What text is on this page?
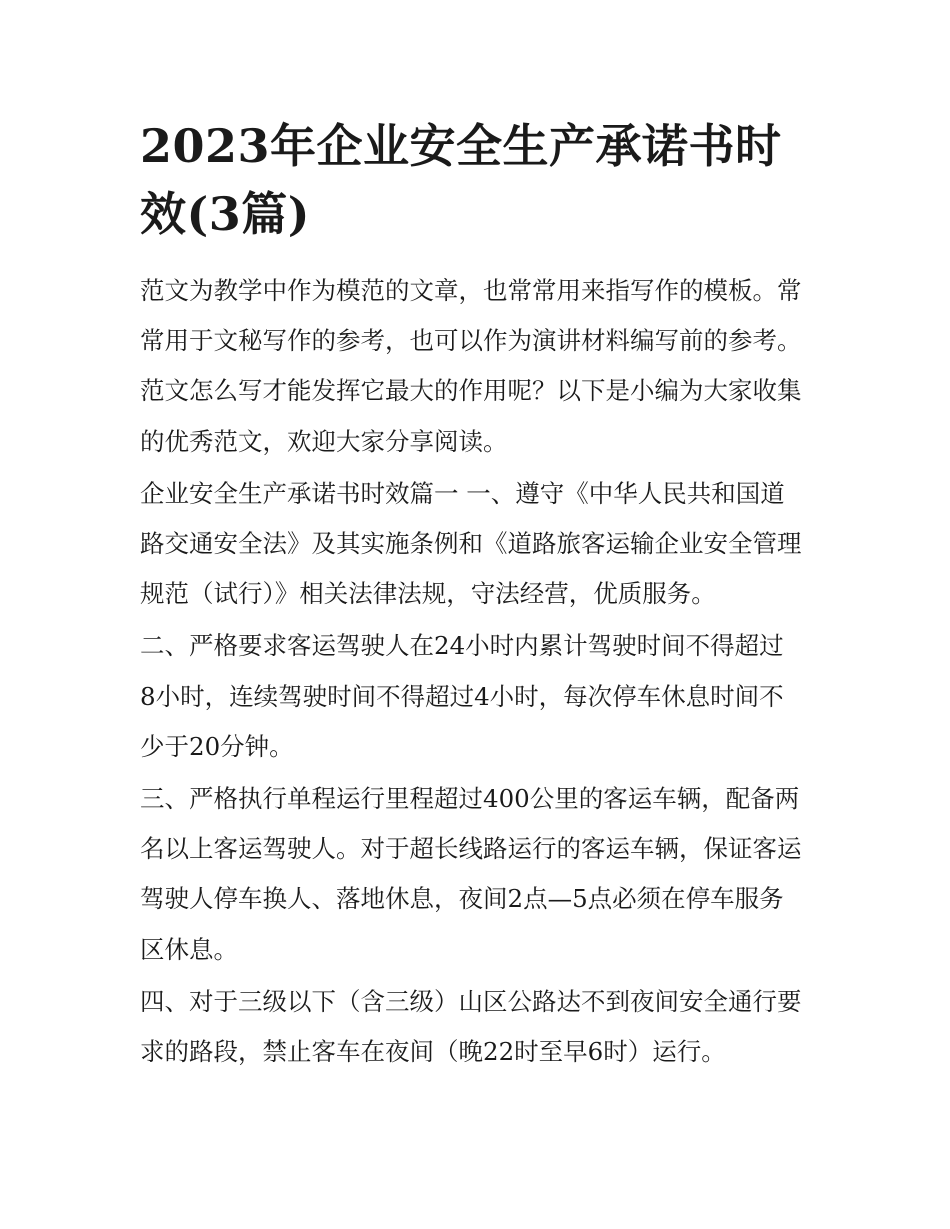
2023年企业安全生产承诺书时
效(3篇)

范文为教学中作为模范的文章，也常常用来指写作的模板。常
常用于文秘写作的参考，也可以作为演讲材料编写前的参考。
范文怎么写才能发挥它最大的作用呢？以下是小编为大家收集
的优秀范文，欢迎大家分享阅读。

企业安全生产承诺书时效篇一 一、遵守《中华人民共和国道
路交通安全法》及其实施条例和《道路旅客运输企业安全管理
规范（试行）》相关法律法规，守法经营，优质服务。

二、严格要求客运驾驶人在24小时内累计驾驶时间不得超过
8小时，连续驾驶时间不得超过4小时，每次停车休息时间不
少于20分钟。

三、严格执行单程运行里程超过400公里的客运车辆，配备两
名以上客运驾驶人。对于超长线路运行的客运车辆，保证客运
驾驶人停车换人、落地休息，夜间2点—5点必须在停车服务
区休息。

四、对于三级以下（含三级）山区公路达不到夜间安全通行要
求的路段，禁止客车在夜间（晚22时至早6时）运行。
